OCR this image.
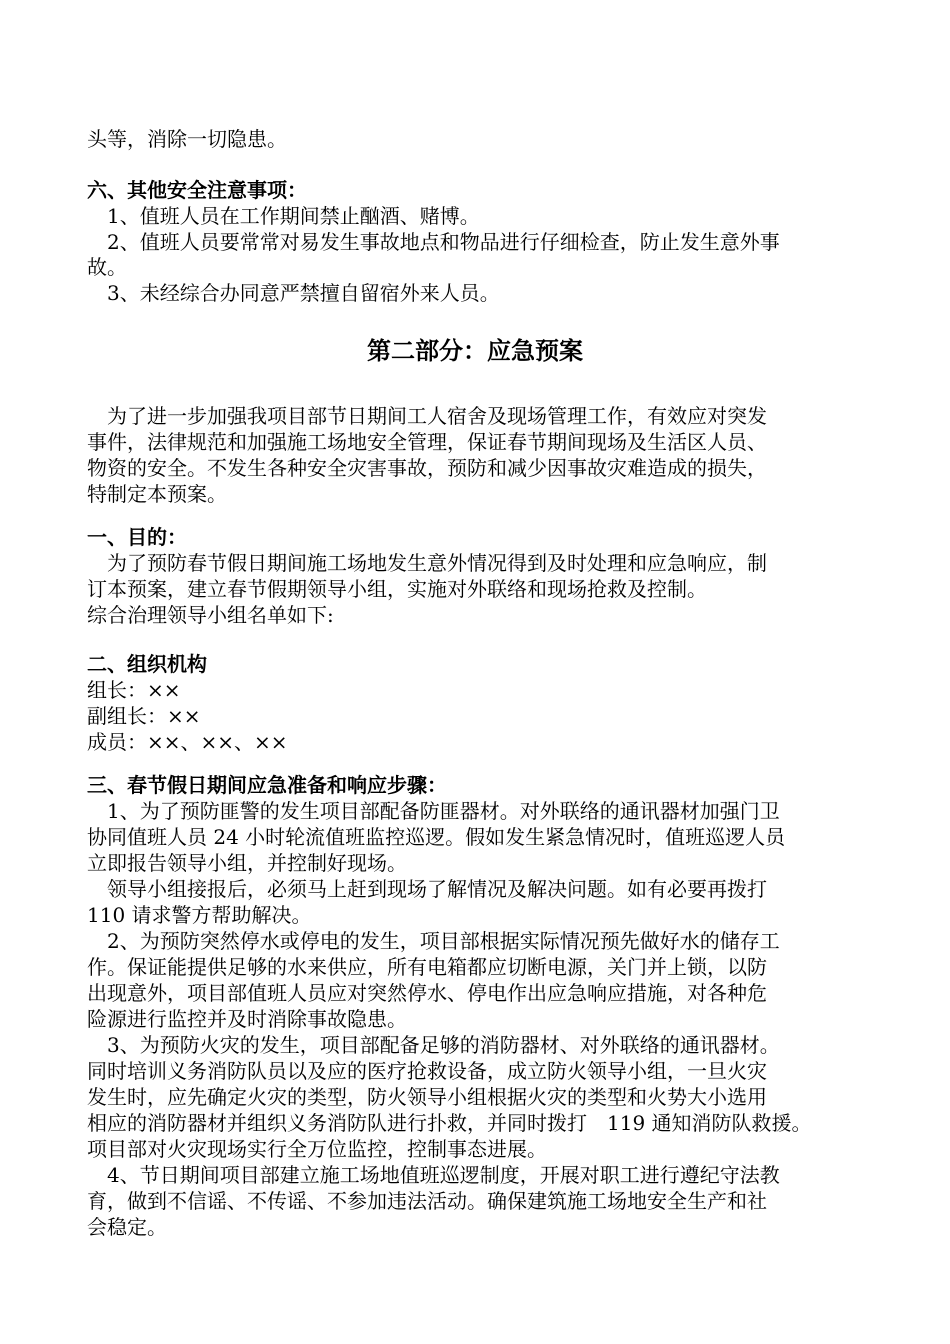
头等，消除一切隐患。
六、其他安全注意事项：
1、值班人员在工作期间禁止酗酒、赌博。
2、值班人员要常常对易发生事故地点和物品进行仔细检查，防止发生意外事
故。
3、未经综合办同意严禁擅自留宿外来人员。
第二部分：应急预案
为了进一步加强我项目部节日期间工人宿舍及现场管理工作，有效应对突发
事件，法律规范和加强施工场地安全管理，保证春节期间现场及生活区人员、
物资的安全。不发生各种安全灾害事故，预防和减少因事故灾难造成的损失，
特制定本预案。
一、目的：
为了预防春节假日期间施工场地发生意外情况得到及时处理和应急响应，制
订本预案，建立春节假期领导小组，实施对外联络和现场抢救及控制。
综合治理领导小组名单如下:
二、组织机构
组长：××
副组长：××
成员：××、××、××
三、春节假日期间应急准备和响应步骤：
1、为了预防匪警的发生项目部配备防匪器材。对外联络的通讯器材加强门卫
协同值班人员 24 小时轮流值班监控巡逻。假如发生紧急情况时，值班巡逻人员
立即报告领导小组，并控制好现场。
领导小组接报后，必须马上赶到现场了解情况及解决问题。如有必要再拨打
110 请求警方帮助解决。
2、为预防突然停水或停电的发生，项目部根据实际情况预先做好水的储存工
作。保证能提供足够的水来供应，所有电箱都应切断电源，关门并上锁，以防
出现意外，项目部值班人员应对突然停水、停电作出应急响应措施，对各种危
险源进行监控并及时消除事故隐患。
3、为预防火灾的发生，项目部配备足够的消防器材、对外联络的通讯器材。
同时培训义务消防队员以及应的医疗抢救设备，成立防火领导小组，一旦火灾
发生时，应先确定火灾的类型，防火领导小组根据火灾的类型和火势大小选用
相应的消防器材并组织义务消防队进行扑救，并同时拨打　119 通知消防队救援。
项目部对火灾现场实行全万位监控，控制事态进展。
4、节日期间项目部建立施工场地值班巡逻制度，开展对职工进行遵纪守法教
育，做到不信谣、不传谣、不参加违法活动。确保建筑施工场地安全生产和社
会稳定。
